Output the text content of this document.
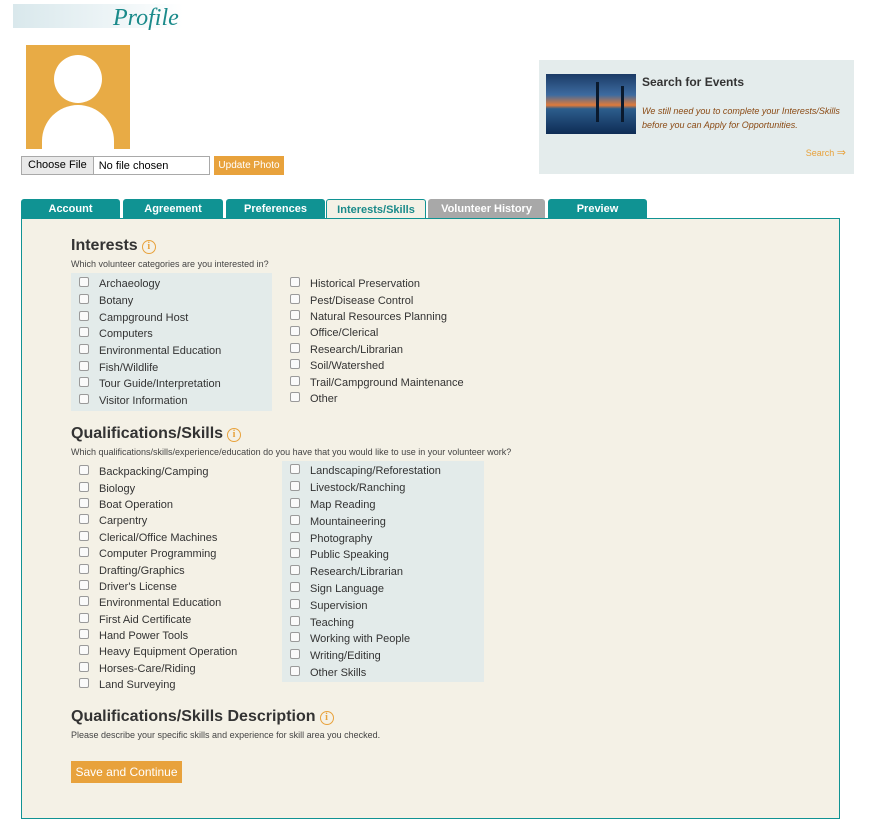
Profile
Choose File	No file chosen	Update Photo
Search for Events
We still need you to complete your Interests/Skills before you can Apply for Opportunities.
Search ⇒
Account	Agreement	Preferences	Interests/Skills	Volunteer History	Preview
Interests i
Which volunteer categories are you interested in?
Archaeology
Botany
Campground Host
Computers
Environmental Education
Fish/Wildlife
Tour Guide/Interpretation
Visitor Information
Historical Preservation
Pest/Disease Control
Natural Resources Planning
Office/Clerical
Research/Librarian
Soil/Watershed
Trail/Campground Maintenance
Other
Qualifications/Skills i
Which qualifications/skills/experience/education do you have that you would like to use in your volunteer work?
Backpacking/Camping
Biology
Boat Operation
Carpentry
Clerical/Office Machines
Computer Programming
Drafting/Graphics
Driver's License
Environmental Education
First Aid Certificate
Hand Power Tools
Heavy Equipment Operation
Horses-Care/Riding
Land Surveying
Landscaping/Reforestation
Livestock/Ranching
Map Reading
Mountaineering
Photography
Public Speaking
Research/Librarian
Sign Language
Supervision
Teaching
Working with People
Writing/Editing
Other Skills
Qualifications/Skills Description i
Please describe your specific skills and experience for skill area you checked.
Save and Continue
